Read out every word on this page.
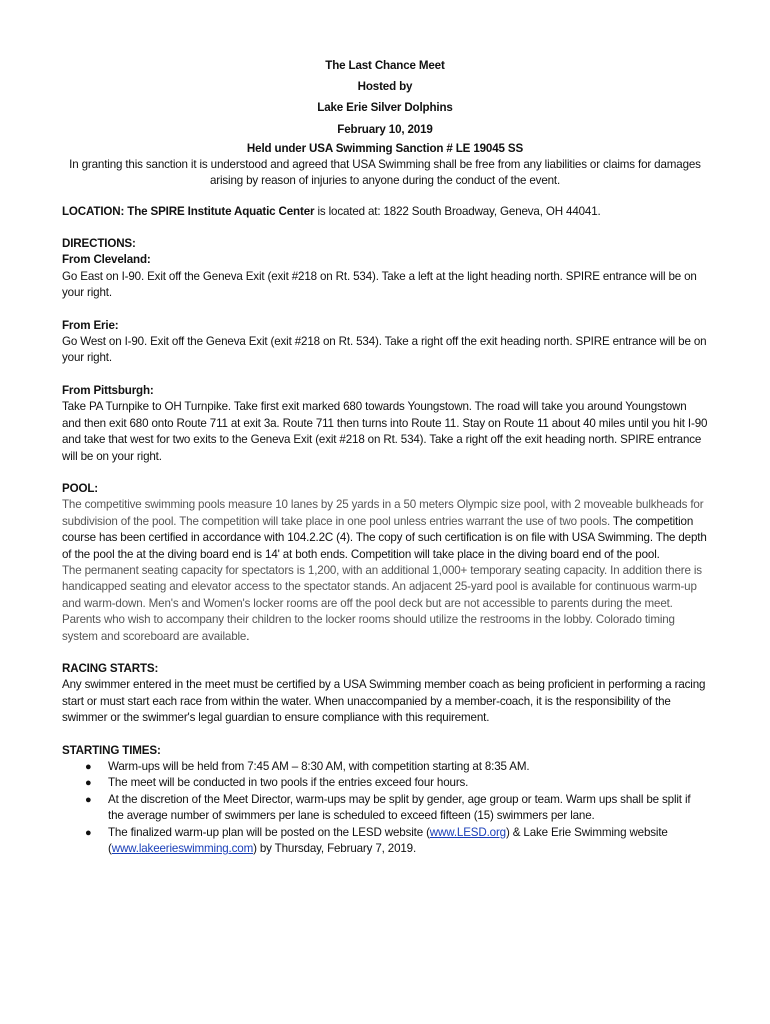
The Last Chance Meet
Hosted by
Lake Erie Silver Dolphins
February 10, 2019
Held under USA Swimming Sanction # LE 19045 SS
In granting this sanction it is understood and agreed that USA Swimming shall be free from any liabilities or claims for damages arising by reason of injuries to anyone during the conduct of the event.
LOCATION: The SPIRE Institute Aquatic Center is located at: 1822 South Broadway, Geneva, OH 44041.
DIRECTIONS:
From Cleveland:

Go East on I-90. Exit off the Geneva Exit (exit #218 on Rt. 534). Take a left at the light heading north. SPIRE entrance will be on your right.

From Erie:

Go West on I-90. Exit off the Geneva Exit (exit #218 on Rt. 534). Take a right off the exit heading north. SPIRE entrance will be on your right.

From Pittsburgh:

Take PA Turnpike to OH Turnpike. Take first exit marked 680 towards Youngstown. The road will take you around Youngstown and then exit 680 onto Route 711 at exit 3a. Route 711 then turns into Route 11. Stay on Route 11 about 40 miles until you hit I-90 and take that west for two exits to the Geneva Exit (exit #218 on Rt. 534). Take a right off the exit heading north. SPIRE entrance will be on your right.

POOL:

The competitive swimming pools measure 10 lanes by 25 yards in a 50 meters Olympic size pool, with 2 moveable bulkheads for subdivision of the pool. The competition will take place in one pool unless entries warrant the use of two pools. The competition course has been certified in accordance with 104.2.2C (4). The copy of such certification is on file with USA Swimming. The depth of the pool the at the diving board end is 14' at both ends. Competition will take place in the diving board end of the pool.

The permanent seating capacity for spectators is 1,200, with an additional 1,000+ temporary seating capacity. In addition there is handicapped seating and elevator access to the spectator stands. An adjacent 25-yard pool is available for continuous warm-up and warm-down. Men's and Women's locker rooms are off the pool deck but are not accessible to parents during the meet. Parents who wish to accompany their children to the locker rooms should utilize the restrooms in the lobby. Colorado timing system and scoreboard are available.

RACING STARTS:

Any swimmer entered in the meet must be certified by a USA Swimming member coach as being proficient in performing a racing start or must start each race from within the water. When unaccompanied by a member-coach, it is the responsibility of the swimmer or the swimmer's legal guardian to ensure compliance with this requirement.

STARTING TIMES:
● Warm-ups will be held from 7:45 AM – 8:30 AM, with competition starting at 8:35 AM.
● The meet will be conducted in two pools if the entries exceed four hours.
● At the discretion of the Meet Director, warm-ups may be split by gender, age group or team. Warm ups shall be split if the average number of swimmers per lane is scheduled to exceed fifteen (15) swimmers per lane.
● The finalized warm-up plan will be posted on the LESD website (www.LESD.org) & Lake Erie Swimming website (www.lakeerieswimming.com) by Thursday, February 7, 2019.
